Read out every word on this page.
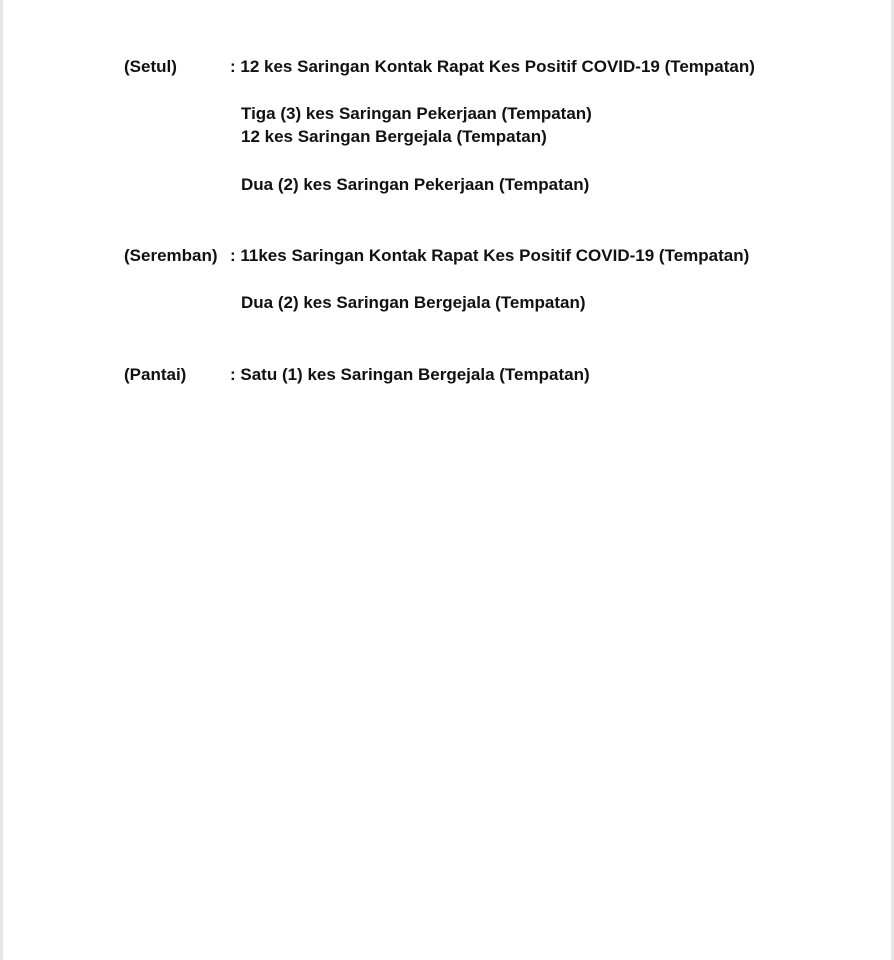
(Setul)	: 12 kes Saringan Kontak Rapat Kes Positif COVID-19 (Tempatan)
Tiga (3) kes Saringan Pekerjaan (Tempatan)
12 kes Saringan Bergejala (Tempatan)
Dua (2) kes Saringan Pekerjaan (Tempatan)
(Seremban) : 11kes Saringan Kontak Rapat Kes Positif COVID-19 (Tempatan)
Dua (2) kes Saringan Bergejala (Tempatan)
(Pantai)	: Satu (1) kes Saringan Bergejala (Tempatan)
